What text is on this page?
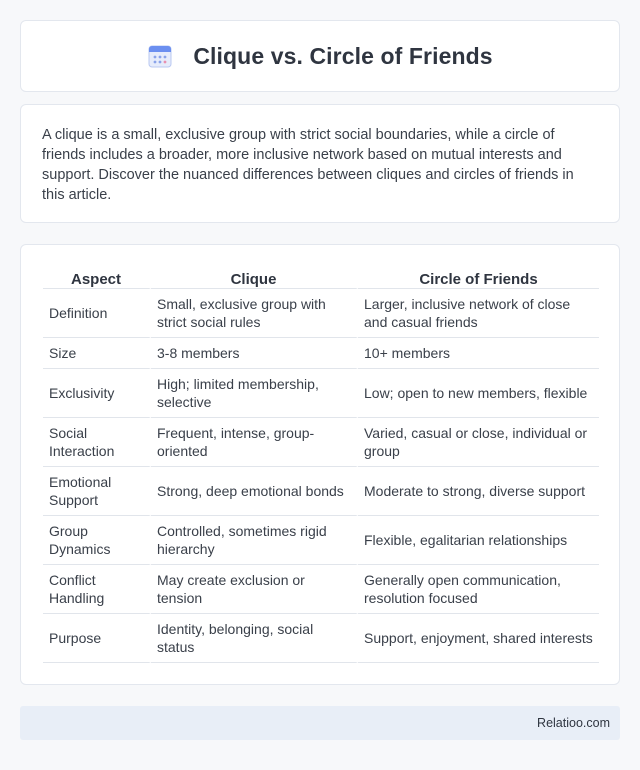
Clique vs. Circle of Friends

A clique is a small, exclusive group with strict social boundaries, while a circle of friends includes a broader, more inclusive network based on mutual interests and support. Discover the nuanced differences between cliques and circles of friends in this article.

Aspect	Clique	Circle of Friends
Definition	Small, exclusive group with strict social rules	Larger, inclusive network of close and casual friends
Size	3-8 members	10+ members
Exclusivity	High; limited membership, selective	Low; open to new members, flexible
Social Interaction	Frequent, intense, group-oriented	Varied, casual or close, individual or group
Emotional Support	Strong, deep emotional bonds	Moderate to strong, diverse support
Group Dynamics	Controlled, sometimes rigid hierarchy	Flexible, egalitarian relationships
Conflict Handling	May create exclusion or tension	Generally open communication, resolution focused
Purpose	Identity, belonging, social status	Support, enjoyment, shared interests
Relatioo.com
